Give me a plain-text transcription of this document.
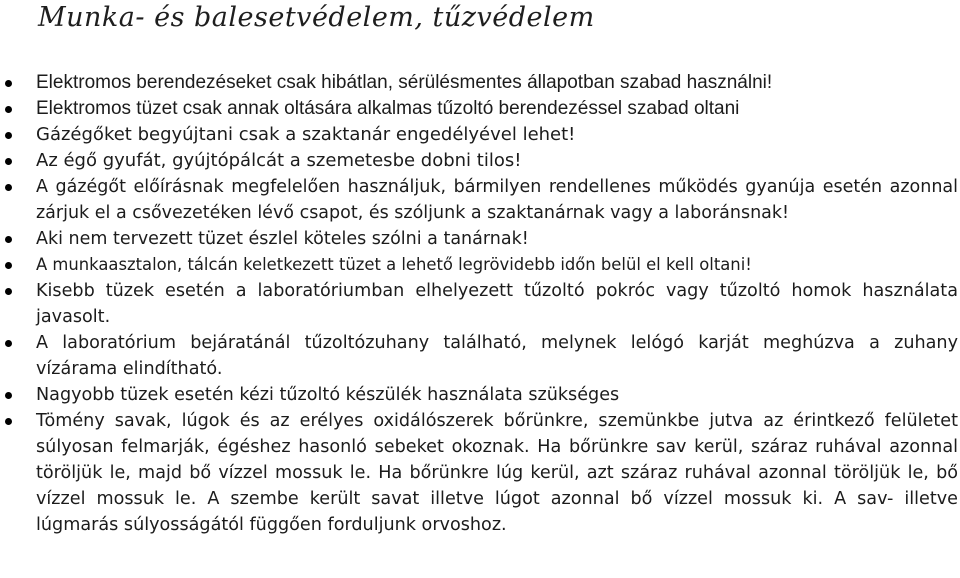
Munka- és balesetvédelem, tűzvédelem
Elektromos berendezéseket csak hibátlan, sérülésmentes állapotban szabad használni!
Elektromos tüzet csak annak oltására alkalmas tűzoltó berendezéssel szabad oltani
Gázégőket begyújtani csak a szaktanár engedélyével lehet!
Az égő gyufát, gyújtópálcát a szemetesbe dobni tilos!
A gázégőt előírásnak megfelelően használjuk, bármilyen rendellenes működés gyanúja esetén azonnal zárjuk el a csővezetéken lévő csapot, és szóljunk a szaktanárnak vagy a laboránsnak!
Aki nem tervezett tüzet észlel köteles szólni a tanárnak!
A munkaasztalon, tálcán keletkezett tüzet a lehető legrövidebb időn belül el kell oltani!
Kisebb tüzek esetén a laboratóriumban elhelyezett tűzoltó pokróc vagy tűzoltó homok használata javasolt.
A laboratórium bejáratánál tűzoltózuhany található, melynek lelógó karját meghúzva a zuhany vízárama elindítható.
Nagyobb tüzek esetén kézi tűzoltó készülék használata szükséges
Tömény savak, lúgok és az erélyes oxidálószerek bőrünkre, szemünkbe jutva az érintkező felületet súlyosan felmarják, égéshez hasonló sebeket okoznak. Ha bőrünkre sav kerül, száraz ruhával azonnal töröljük le, majd bő vízzel mossuk le. Ha bőrünkre lúg kerül, azt száraz ruhával azonnal töröljük le, bő vízzel mossuk le. A szembe került savat illetve lúgot azonnal bő vízzel mossuk ki. A sav- illetve lúgmarás súlyosságától függően forduljunk orvoshoz.
